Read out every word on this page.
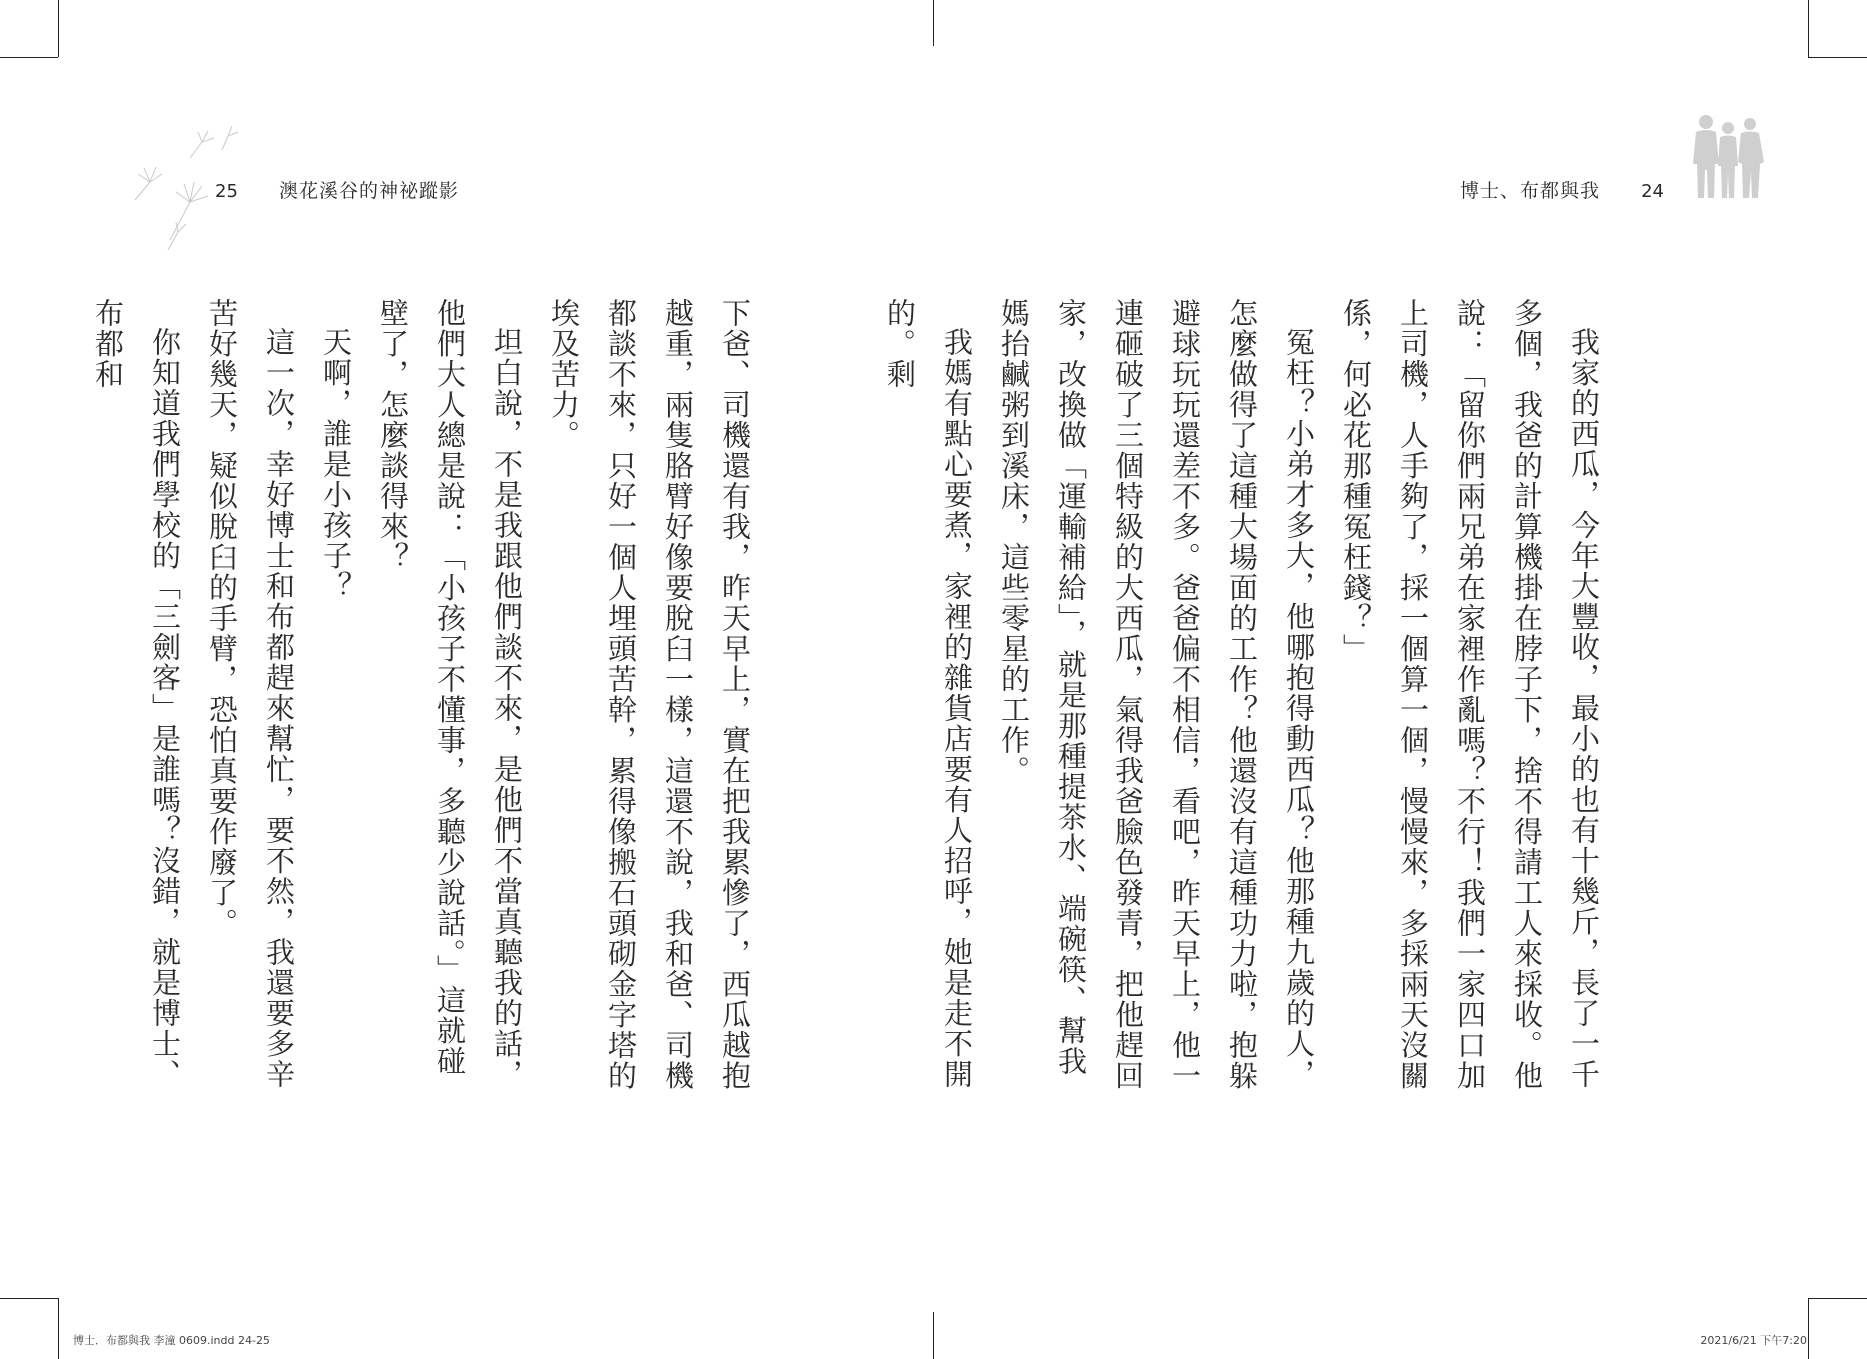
25 澳花溪谷的神祕蹤影

下爸、司機還有我，昨天早上，實在把我累慘了，西瓜越抱越重，兩隻胳臂好像要脫臼一樣，這還不說，我和爸、司機都談不來，只好一個人埋頭苦幹，累得像搬石頭砌金字塔的埃及苦力。

坦白說，不是我跟他們談不來，是他們不當真聽我的話，他們大人總是說：「小孩子不懂事，多聽少說話。」這就碰壁了，怎麼談得來？

天啊，誰是小孩子？

這一次，幸好博士和布都趕來幫忙，要不然，我還要多辛苦好幾天，疑似脫臼的手臂，恐怕真要作廢了。

你知道我們學校的「三劍客」是誰嗎？沒錯，就是博士、布都和

博士．布都與我 李潼 0609.indd 24-25
博士、布都與我 24

我家的西瓜，今年大豐收，最小的也有十幾斤，長了一千多個，我爸的計算機掛在脖子下，捨不得請工人來採收。他說：「留你們兩兄弟在家裡作亂嗎？不行！我們一家四口加上司機，人手夠了，採一個算一個，慢慢來，多採兩天沒關係，何必花那種冤枉錢？」

冤枉？小弟才多大，他哪抱得動西瓜？他那種九歲的人，怎麼做得了這種大場面的工作？他還沒有這種功力啦，抱躲避球玩玩還差不多。爸爸偏不相信，看吧，昨天早上，他一連砸破了三個特級的大西瓜，氣得我爸臉色發青，把他趕回家，改換做「運輸補給」，就是那種提茶水、端碗筷、幫我媽抬鹹粥到溪床，這些零星的工作。

我媽有點心要煮，家裡的雜貨店要有人招呼，她是走不開的。剩

2021/6/21 下午7:20
